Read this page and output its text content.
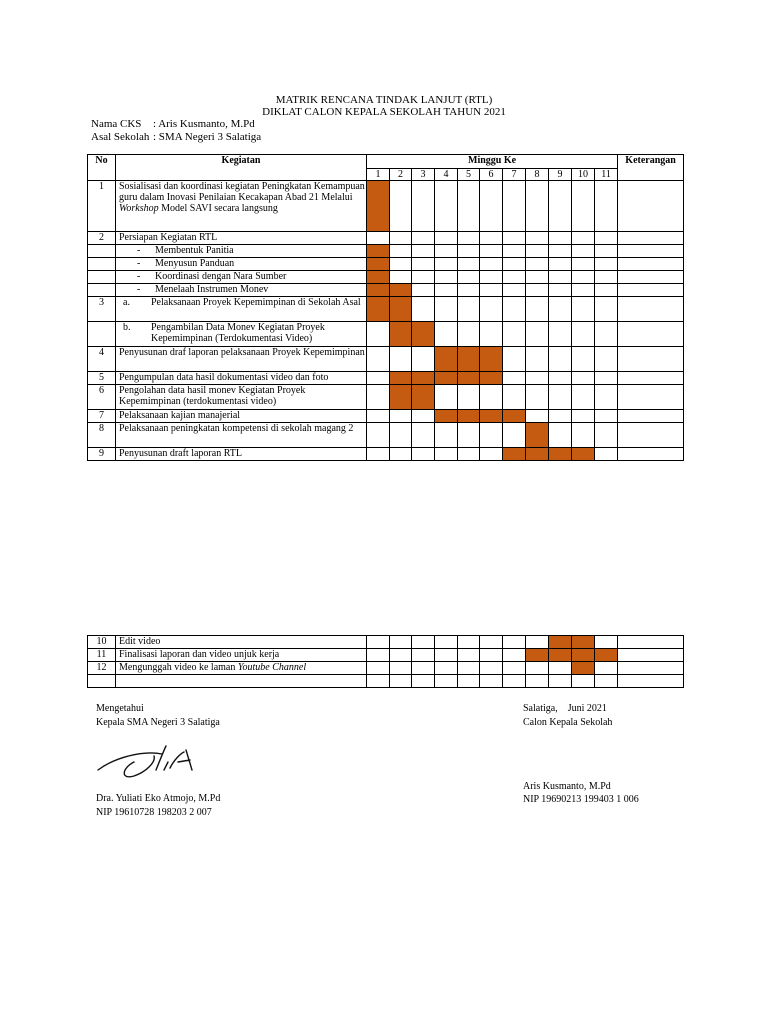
MATRIK RENCANA TINDAK LANJUT (RTL)
DIKLAT CALON KEPALA SEKOLAH TAHUN 2021
Nama CKS : Aris Kusmanto, M.Pd
Asal Sekolah : SMA Negeri 3 Salatiga
No	Kegiatan	Minggu Ke											Keterangan
		1	2	3	4	5	6	7	8	9	10	11	
1	Sosialisasi dan koordinasi kegiatan Peningkatan Kemampuan guru dalam Inovasi Penilaian Kecakapan Abad 21 Melalui Workshop Model SAVI secara langsung												
2	Persiapan Kegiatan RTL												

	- Membentuk Panitia												

	- Menyusun Panduan												

	- Koordinasi dengan Nara Sumber												

	- Menelaah Instrumen Monev												

3	a. Pelaksanaan Proyek Kepemimpinan di Sekolah Asal												

	b. Pengambilan Data Monev Kegiatan Proyek Kepemimpinan (Terdokumentasi Video)												

4	Penyusunan draf laporan pelaksanaan Proyek Kepemimpinan												
5	Pengumpulan data hasil dokumentasi video dan foto												
6	Pengolahan data hasil monev Kegiatan Proyek Kepemimpinan (terdokumentasi video)												
7	Pelaksanaan kajian manajerial												
8	Pelaksanaan peningkatan kompetensi di sekolah magang 2												
9	Penyusunan draft laporan RTL												
10	Edit video												
11	Finalisasi laporan dan video unjuk kerja												
12	Mengunggah video ke laman Youtube Channel												

Mengetahui
Kepala SMA Negeri 3 Salatiga
Dra. Yuliati Eko Atmojo, M.Pd
NIP 19610728 198203 2 007
Salatiga,    Juni 2021
Calon Kepala Sekolah
Aris Kusmanto, M.Pd
NIP 19690213 199403 1 006
